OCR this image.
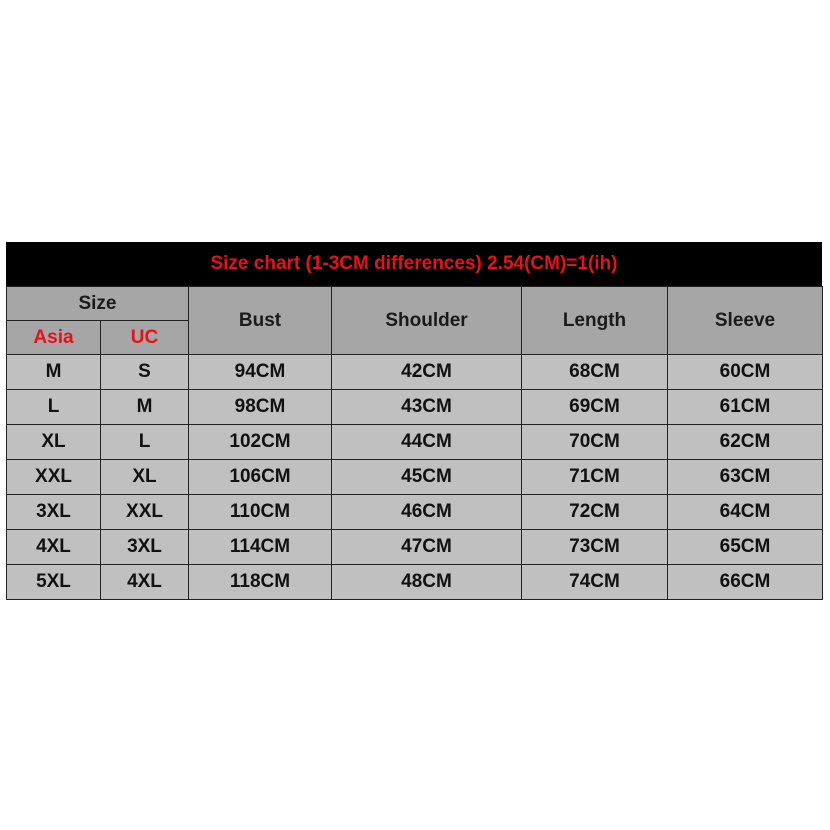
Size chart (1-3CM differences) 2.54(CM)=1(ih)
Size		Bust	Shoulder	Length	Sleeve
Asia	UC				
M	S	94CM	42CM	68CM	60CM
L	M	98CM	43CM	69CM	61CM
XL	L	102CM	44CM	70CM	62CM
XXL	XL	106CM	45CM	71CM	63CM
3XL	XXL	110CM	46CM	72CM	64CM
4XL	3XL	114CM	47CM	73CM	65CM
5XL	4XL	118CM	48CM	74CM	66CM
